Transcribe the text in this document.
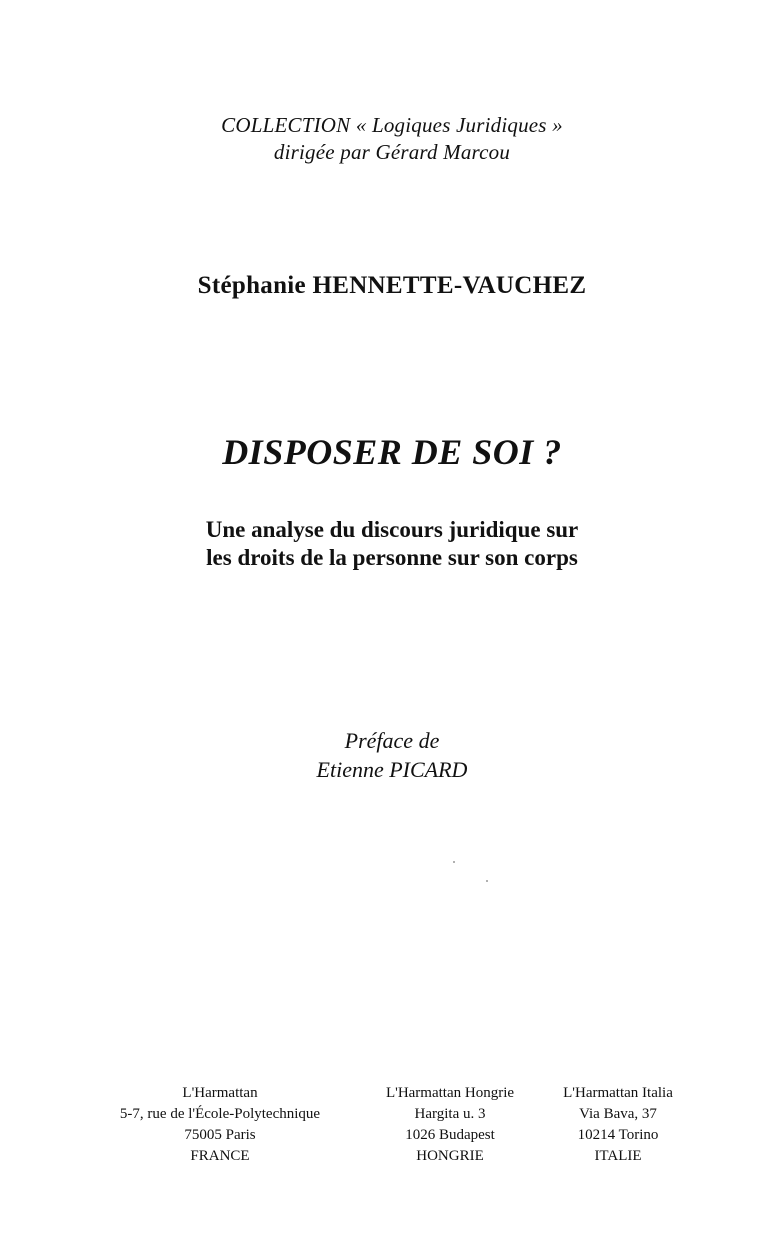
COLLECTION « Logiques Juridiques »
dirigée par Gérard Marcou
Stéphanie HENNETTE-VAUCHEZ
DISPOSER DE SOI ?
Une analyse du discours juridique sur
les droits de la personne sur son corps
Préface de
Etienne PICARD
L'Harmattan
5-7, rue de l'École-Polytechnique
75005 Paris
FRANCE
L'Harmattan Hongrie
Hargita u. 3
1026 Budapest
HONGRIE
L'Harmattan Italia
Via Bava, 37
10214 Torino
ITALIE
